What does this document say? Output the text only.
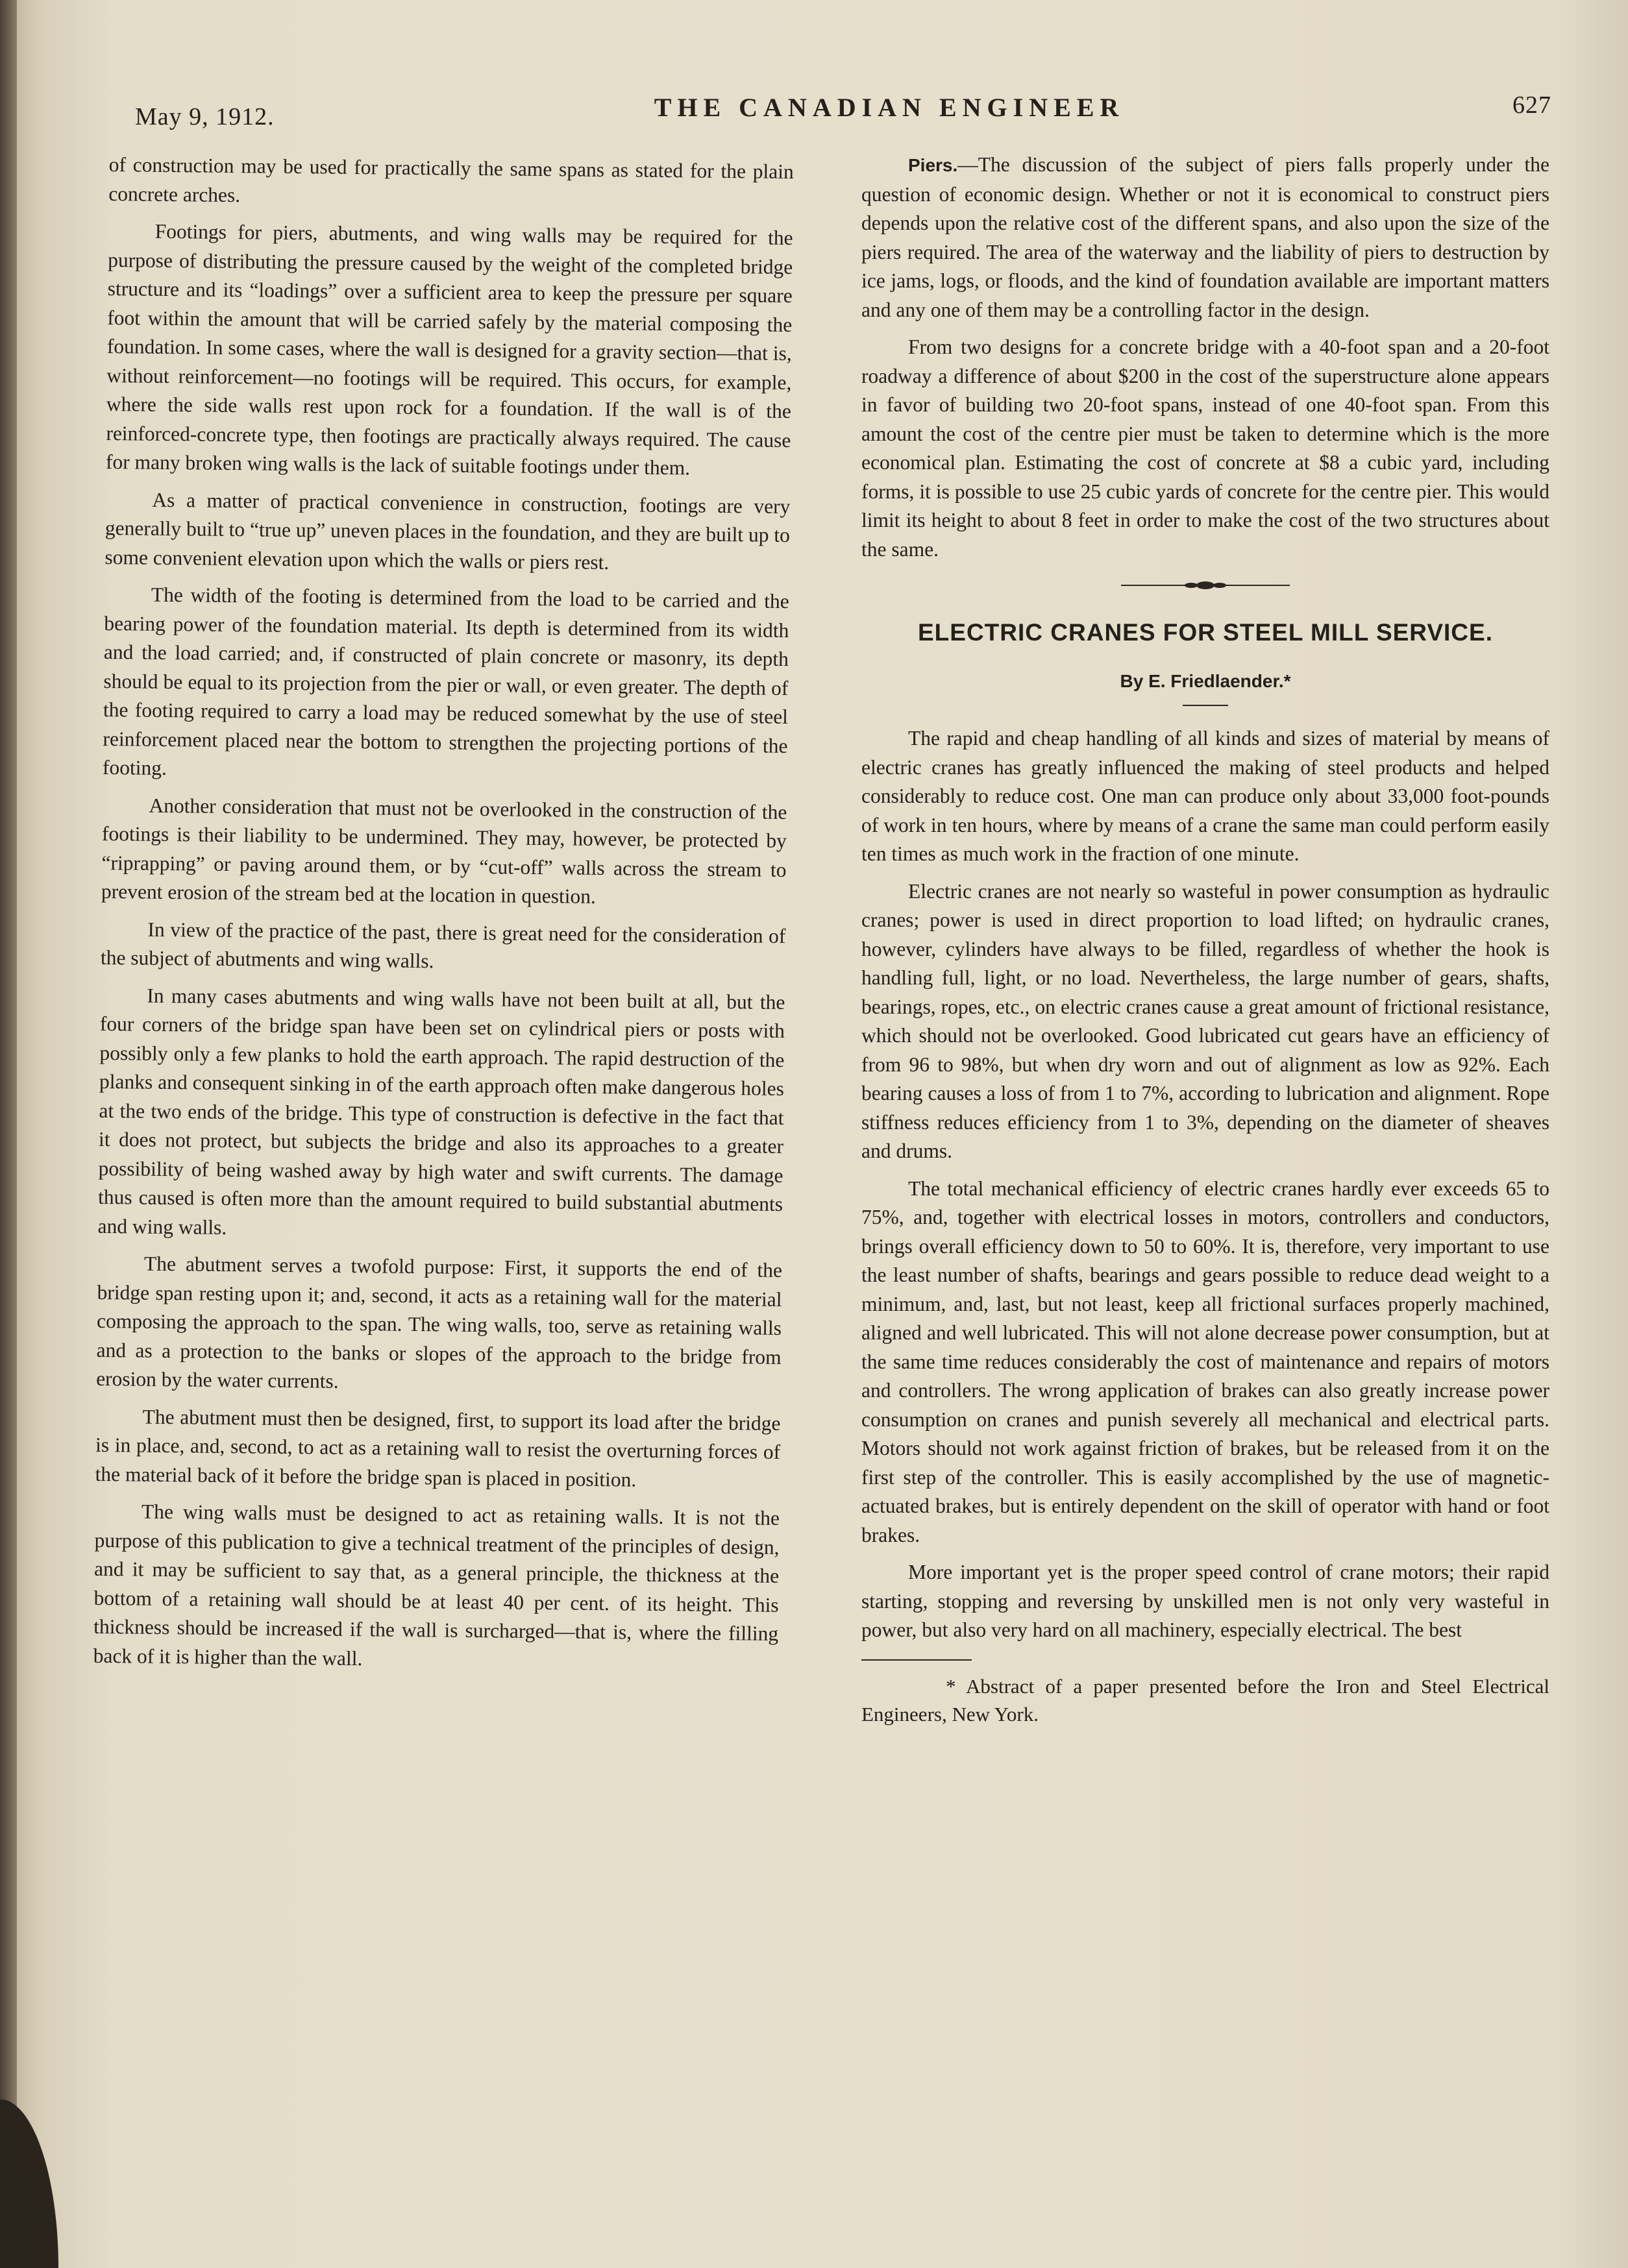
May 9, 1912.	THE CANADIAN ENGINEER	627

of construction may be used for practically the same spans as stated for the plain concrete arches.

Footings for piers, abutments, and wing walls may be required for the purpose of distributing the pressure caused by the weight of the completed bridge structure and its “loadings” over a sufficient area to keep the pressure per square foot within the amount that will be carried safely by the material composing the foundation. In some cases, where the wall is designed for a gravity section—that is, without reinforcement—no footings will be required. This occurs, for example, where the side walls rest upon rock for a foundation. If the wall is of the reinforced-concrete type, then footings are practically always required. The cause for many broken wing walls is the lack of suitable footings under them.

As a matter of practical convenience in construction, footings are very generally built to “true up” uneven places in the foundation, and they are built up to some convenient elevation upon which the walls or piers rest.

The width of the footing is determined from the load to be carried and the bearing power of the foundation material. Its depth is determined from its width and the load carried; and, if constructed of plain concrete or masonry, its depth should be equal to its projection from the pier or wall, or even greater. The depth of the footing required to carry a load may be reduced somewhat by the use of steel reinforcement placed near the bottom to strengthen the projecting portions of the footing.

Another consideration that must not be overlooked in the construction of the footings is their liability to be undermined. They may, however, be protected by “riprapping” or paving around them, or by “cut-off” walls across the stream to prevent erosion of the stream bed at the location in question.

In view of the practice of the past, there is great need for the consideration of the subject of abutments and wing walls.

In many cases abutments and wing walls have not been built at all, but the four corners of the bridge span have been set on cylindrical piers or posts with possibly only a few planks to hold the earth approach. The rapid destruction of the planks and consequent sinking in of the earth approach often make dangerous holes at the two ends of the bridge. This type of construction is defective in the fact that it does not protect, but subjects the bridge and also its approaches to a greater possibility of being washed away by high water and swift currents. The damage thus caused is often more than the amount required to build substantial abutments and wing walls.

The abutment serves a twofold purpose: First, it supports the end of the bridge span resting upon it; and, second, it acts as a retaining wall for the material composing the approach to the span. The wing walls, too, serve as retaining walls and as a protection to the banks or slopes of the approach to the bridge from erosion by the water currents.

The abutment must then be designed, first, to support its load after the bridge is in place, and, second, to act as a retaining wall to resist the overturning forces of the material back of it before the bridge span is placed in position.

The wing walls must be designed to act as retaining walls. It is not the purpose of this publication to give a technical treatment of the principles of design, and it may be sufficient to say that, as a general principle, the thickness at the bottom of a retaining wall should be at least 40 per cent. of its height. This thickness should be increased if the wall is surcharged—that is, where the filling back of it is higher than the wall.

Piers.—The discussion of the subject of piers falls properly under the question of economic design. Whether or not it is economical to construct piers depends upon the relative cost of the different spans, and also upon the size of the piers required. The area of the waterway and the liability of piers to destruction by ice jams, logs, or floods, and the kind of foundation available are important matters and any one of them may be a controlling factor in the design.

From two designs for a concrete bridge with a 40-foot span and a 20-foot roadway a difference of about $200 in the cost of the superstructure alone appears in favor of building two 20-foot spans, instead of one 40-foot span. From this amount the cost of the centre pier must be taken to determine which is the more economical plan. Estimating the cost of concrete at $8 a cubic yard, including forms, it is possible to use 25 cubic yards of concrete for the centre pier. This would limit its height to about 8 feet in order to make the cost of the two structures about the same.

ELECTRIC CRANES FOR STEEL MILL SERVICE.
By E. Friedlaender.*

The rapid and cheap handling of all kinds and sizes of material by means of electric cranes has greatly influenced the making of steel products and helped considerably to reduce cost. One man can produce only about 33,000 foot-pounds of work in ten hours, where by means of a crane the same man could perform easily ten times as much work in the fraction of one minute.

Electric cranes are not nearly so wasteful in power consumption as hydraulic cranes; power is used in direct proportion to load lifted; on hydraulic cranes, however, cylinders have always to be filled, regardless of whether the hook is handling full, light, or no load. Nevertheless, the large number of gears, shafts, bearings, ropes, etc., on electric cranes cause a great amount of frictional resistance, which should not be overlooked. Good lubricated cut gears have an efficiency of from 96 to 98%, but when dry worn and out of alignment as low as 92%. Each bearing causes a loss of from 1 to 7%, according to lubrication and alignment. Rope stiffness reduces efficiency from 1 to 3%, depending on the diameter of sheaves and drums.

The total mechanical efficiency of electric cranes hardly ever exceeds 65 to 75%, and, together with electrical losses in motors, controllers and conductors, brings overall efficiency down to 50 to 60%. It is, therefore, very important to use the least number of shafts, bearings and gears possible to reduce dead weight to a minimum, and, last, but not least, keep all frictional surfaces properly machined, aligned and well lubricated. This will not alone decrease power consumption, but at the same time reduces considerably the cost of maintenance and repairs of motors and controllers. The wrong application of brakes can also greatly increase power consumption on cranes and punish severely all mechanical and electrical parts. Motors should not work against friction of brakes, but be released from it on the first step of the controller. This is easily accomplished by the use of magnetic-actuated brakes, but is entirely dependent on the skill of operator with hand or foot brakes.

More important yet is the proper speed control of crane motors; their rapid starting, stopping and reversing by unskilled men is not only very wasteful in power, but also very hard on all machinery, especially electrical. The best

* Abstract of a paper presented before the Iron and Steel Electrical Engineers, New York.
